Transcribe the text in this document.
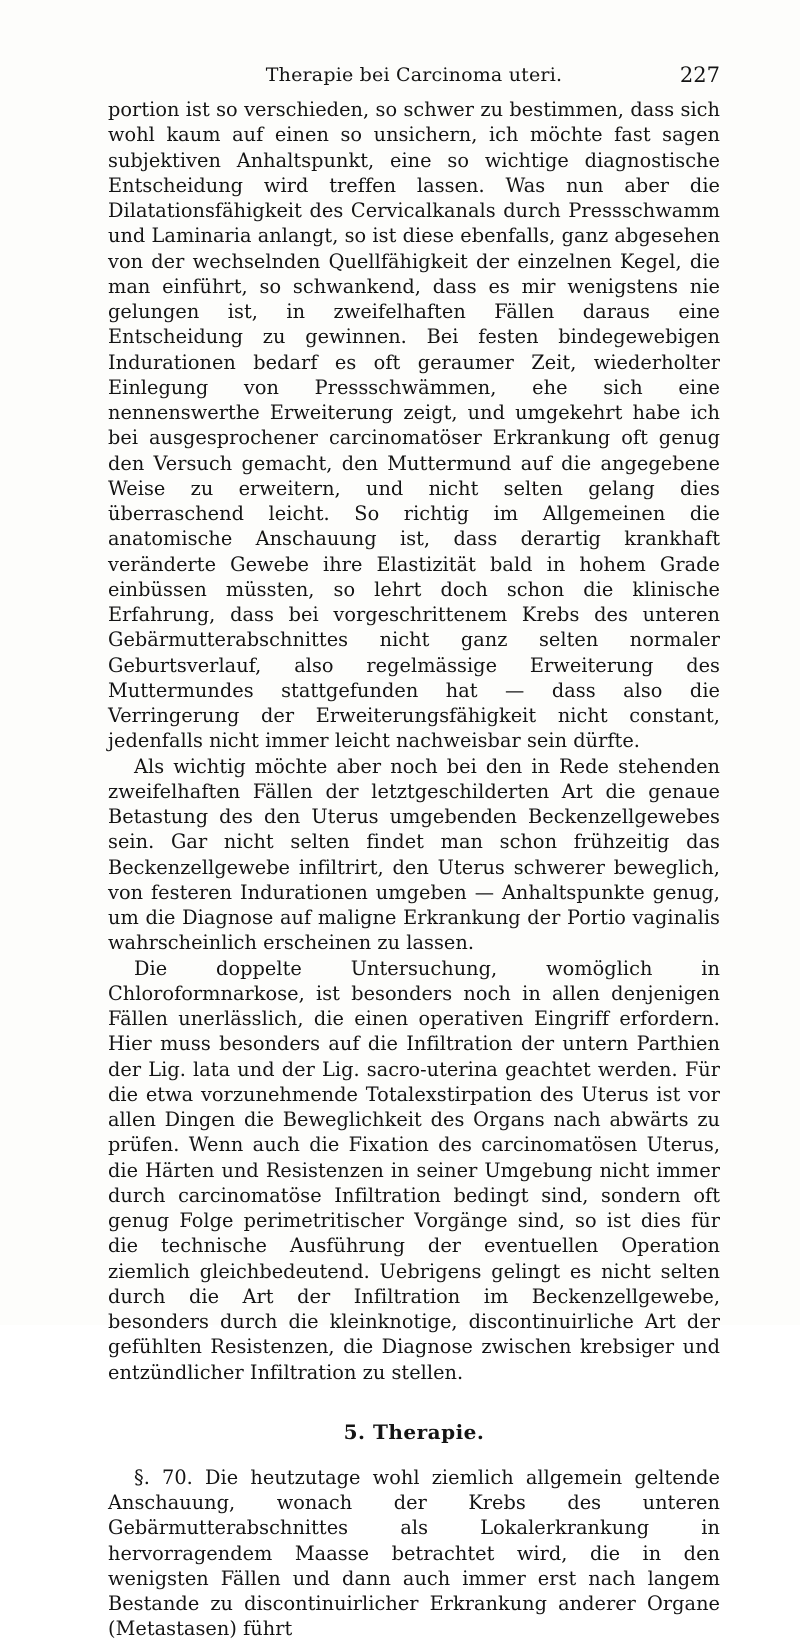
Therapie bei Carcinoma uteri.	227

portion ist so verschieden, so schwer zu bestimmen, dass sich wohl kaum auf einen so unsichern, ich möchte fast sagen subjektiven Anhaltspunkt, eine so wichtige diagnostische Entscheidung wird treffen lassen. Was nun aber die Dilatationsfähigkeit des Cervicalkanals durch Pressschwamm und Laminaria anlangt, so ist diese ebenfalls, ganz abgesehen von der wechselnden Quellfähigkeit der einzelnen Kegel, die man einführt, so schwankend, dass es mir wenigstens nie gelungen ist, in zweifelhaften Fällen daraus eine Entscheidung zu gewinnen. Bei festen bindegewebigen Indurationen bedarf es oft geraumer Zeit, wiederholter Einlegung von Pressschwämmen, ehe sich eine nennenswerthe Erweiterung zeigt, und umgekehrt habe ich bei ausgesprochener carcinomatöser Erkrankung oft genug den Versuch gemacht, den Muttermund auf die angegebene Weise zu erweitern, und nicht selten gelang dies überraschend leicht. So richtig im Allgemeinen die anatomische Anschauung ist, dass derartig krankhaft veränderte Gewebe ihre Elastizität bald in hohem Grade einbüssen müssten, so lehrt doch schon die klinische Erfahrung, dass bei vorgeschrittenem Krebs des unteren Gebärmutterabschnittes nicht ganz selten normaler Geburtsverlauf, also regelmässige Erweiterung des Muttermundes stattgefunden hat — dass also die Verringerung der Erweiterungsfähigkeit nicht constant, jedenfalls nicht immer leicht nachweisbar sein dürfte.

Als wichtig möchte aber noch bei den in Rede stehenden zweifelhaften Fällen der letztgeschilderten Art die genaue Betastung des den Uterus umgebenden Beckenzellgewebes sein. Gar nicht selten findet man schon frühzeitig das Beckenzellgewebe infiltrirt, den Uterus schwerer beweglich, von festeren Indurationen umgeben — Anhaltspunkte genug, um die Diagnose auf maligne Erkrankung der Portio vaginalis wahrscheinlich erscheinen zu lassen.

Die doppelte Untersuchung, womöglich in Chloroformnarkose, ist besonders noch in allen denjenigen Fällen unerlässlich, die einen operativen Eingriff erfordern. Hier muss besonders auf die Infiltration der untern Parthien der Lig. lata und der Lig. sacro-uterina geachtet werden. Für die etwa vorzunehmende Totalexstirpation des Uterus ist vor allen Dingen die Beweglichkeit des Organs nach abwärts zu prüfen. Wenn auch die Fixation des carcinomatösen Uterus, die Härten und Resistenzen in seiner Umgebung nicht immer durch carcinomatöse Infiltration bedingt sind, sondern oft genug Folge perimetritischer Vorgänge sind, so ist dies für die technische Ausführung der eventuellen Operation ziemlich gleichbedeutend. Uebrigens gelingt es nicht selten durch die Art der Infiltration im Beckenzellgewebe, besonders durch die kleinknotige, discontinuirliche Art der gefühlten Resistenzen, die Diagnose zwischen krebsiger und entzündlicher Infiltration zu stellen.

5. Therapie.

§. 70. Die heutzutage wohl ziemlich allgemein geltende Anschauung, wonach der Krebs des unteren Gebärmutterabschnittes als Lokalerkrankung in hervorragendem Maasse betrachtet wird, die in den wenigsten Fällen und dann auch immer erst nach langem Bestande zu discontinuirlicher Erkrankung anderer Organe (Metastasen) führt
